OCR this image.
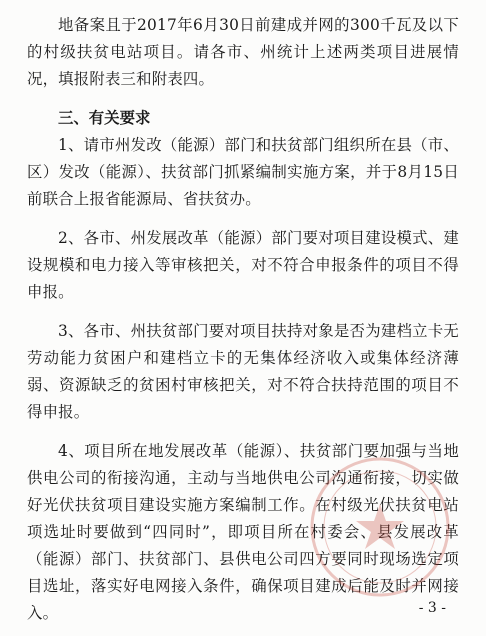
地备案且于2017年6月30日前建成并网的300千瓦及以下的村级扶贫电站项目。请各市、州统计上述两类项目进展情况，填报附表三和附表四。

三、有关要求

1、请市州发改（能源）部门和扶贫部门组织所在县（市、区）发改（能源）、扶贫部门抓紧编制实施方案，并于8月15日前联合上报省能源局、省扶贫办。

2、各市、州发展改革（能源）部门要对项目建设模式、建设规模和电力接入等审核把关，对不符合申报条件的项目不得申报。

3、各市、州扶贫部门要对项目扶持对象是否为建档立卡无劳动能力贫困户和建档立卡的无集体经济收入或集体经济薄弱、资源缺乏的贫困村审核把关，对不符合扶持范围的项目不得申报。

4、项目所在地发展改革（能源）、扶贫部门要加强与当地供电公司的衔接沟通，主动与当地供电公司沟通衔接，切实做好光伏扶贫项目建设实施方案编制工作。在村级光伏扶贫电站项选址时要做到“四同时”，即项目所在村委会、县发展改革（能源）部门、扶贫部门、县供电公司四方要同时现场选定项目选址，落实好电网接入条件，确保项目建成后能及时并网接入。	- 3 -
